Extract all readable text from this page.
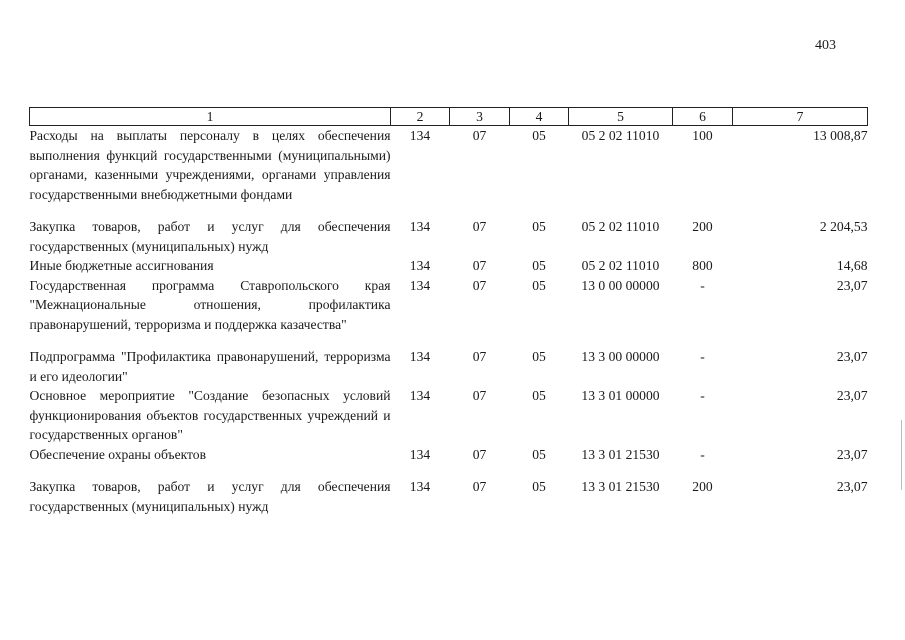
403
1	2	3	4	5	6	7
Расходы на выплаты персоналу в целях обеспечения выполнения функций государственными (муниципальными) органами, казенными учреждениями, органами управления государственными внебюджетными фондами	134	07	05	05 2 02 11010	100	13 008,87
Закупка товаров, работ и услуг для обеспечения государственных (муниципальных) нужд	134	07	05	05 2 02 11010	200	2 204,53
Иные бюджетные ассигнования	134	07	05	05 2 02 11010	800	14,68
Государственная программа Ставропольского края "Межнациональные отношения, профилактика правонарушений, терроризма и поддержка казачества"	134	07	05	13 0 00 00000	-	23,07
Подпрограмма "Профилактика правонарушений, терроризма и его идеологии"	134	07	05	13 3 00 00000	-	23,07
Основное мероприятие "Создание безопасных условий функционирования объектов государственных учреждений и государственных органов"	134	07	05	13 3 01 00000	-	23,07
Обеспечение охраны объектов	134	07	05	13 3 01 21530	-	23,07
Закупка товаров, работ и услуг для обеспечения государственных (муниципальных) нужд	134	07	05	13 3 01 21530	200	23,07
